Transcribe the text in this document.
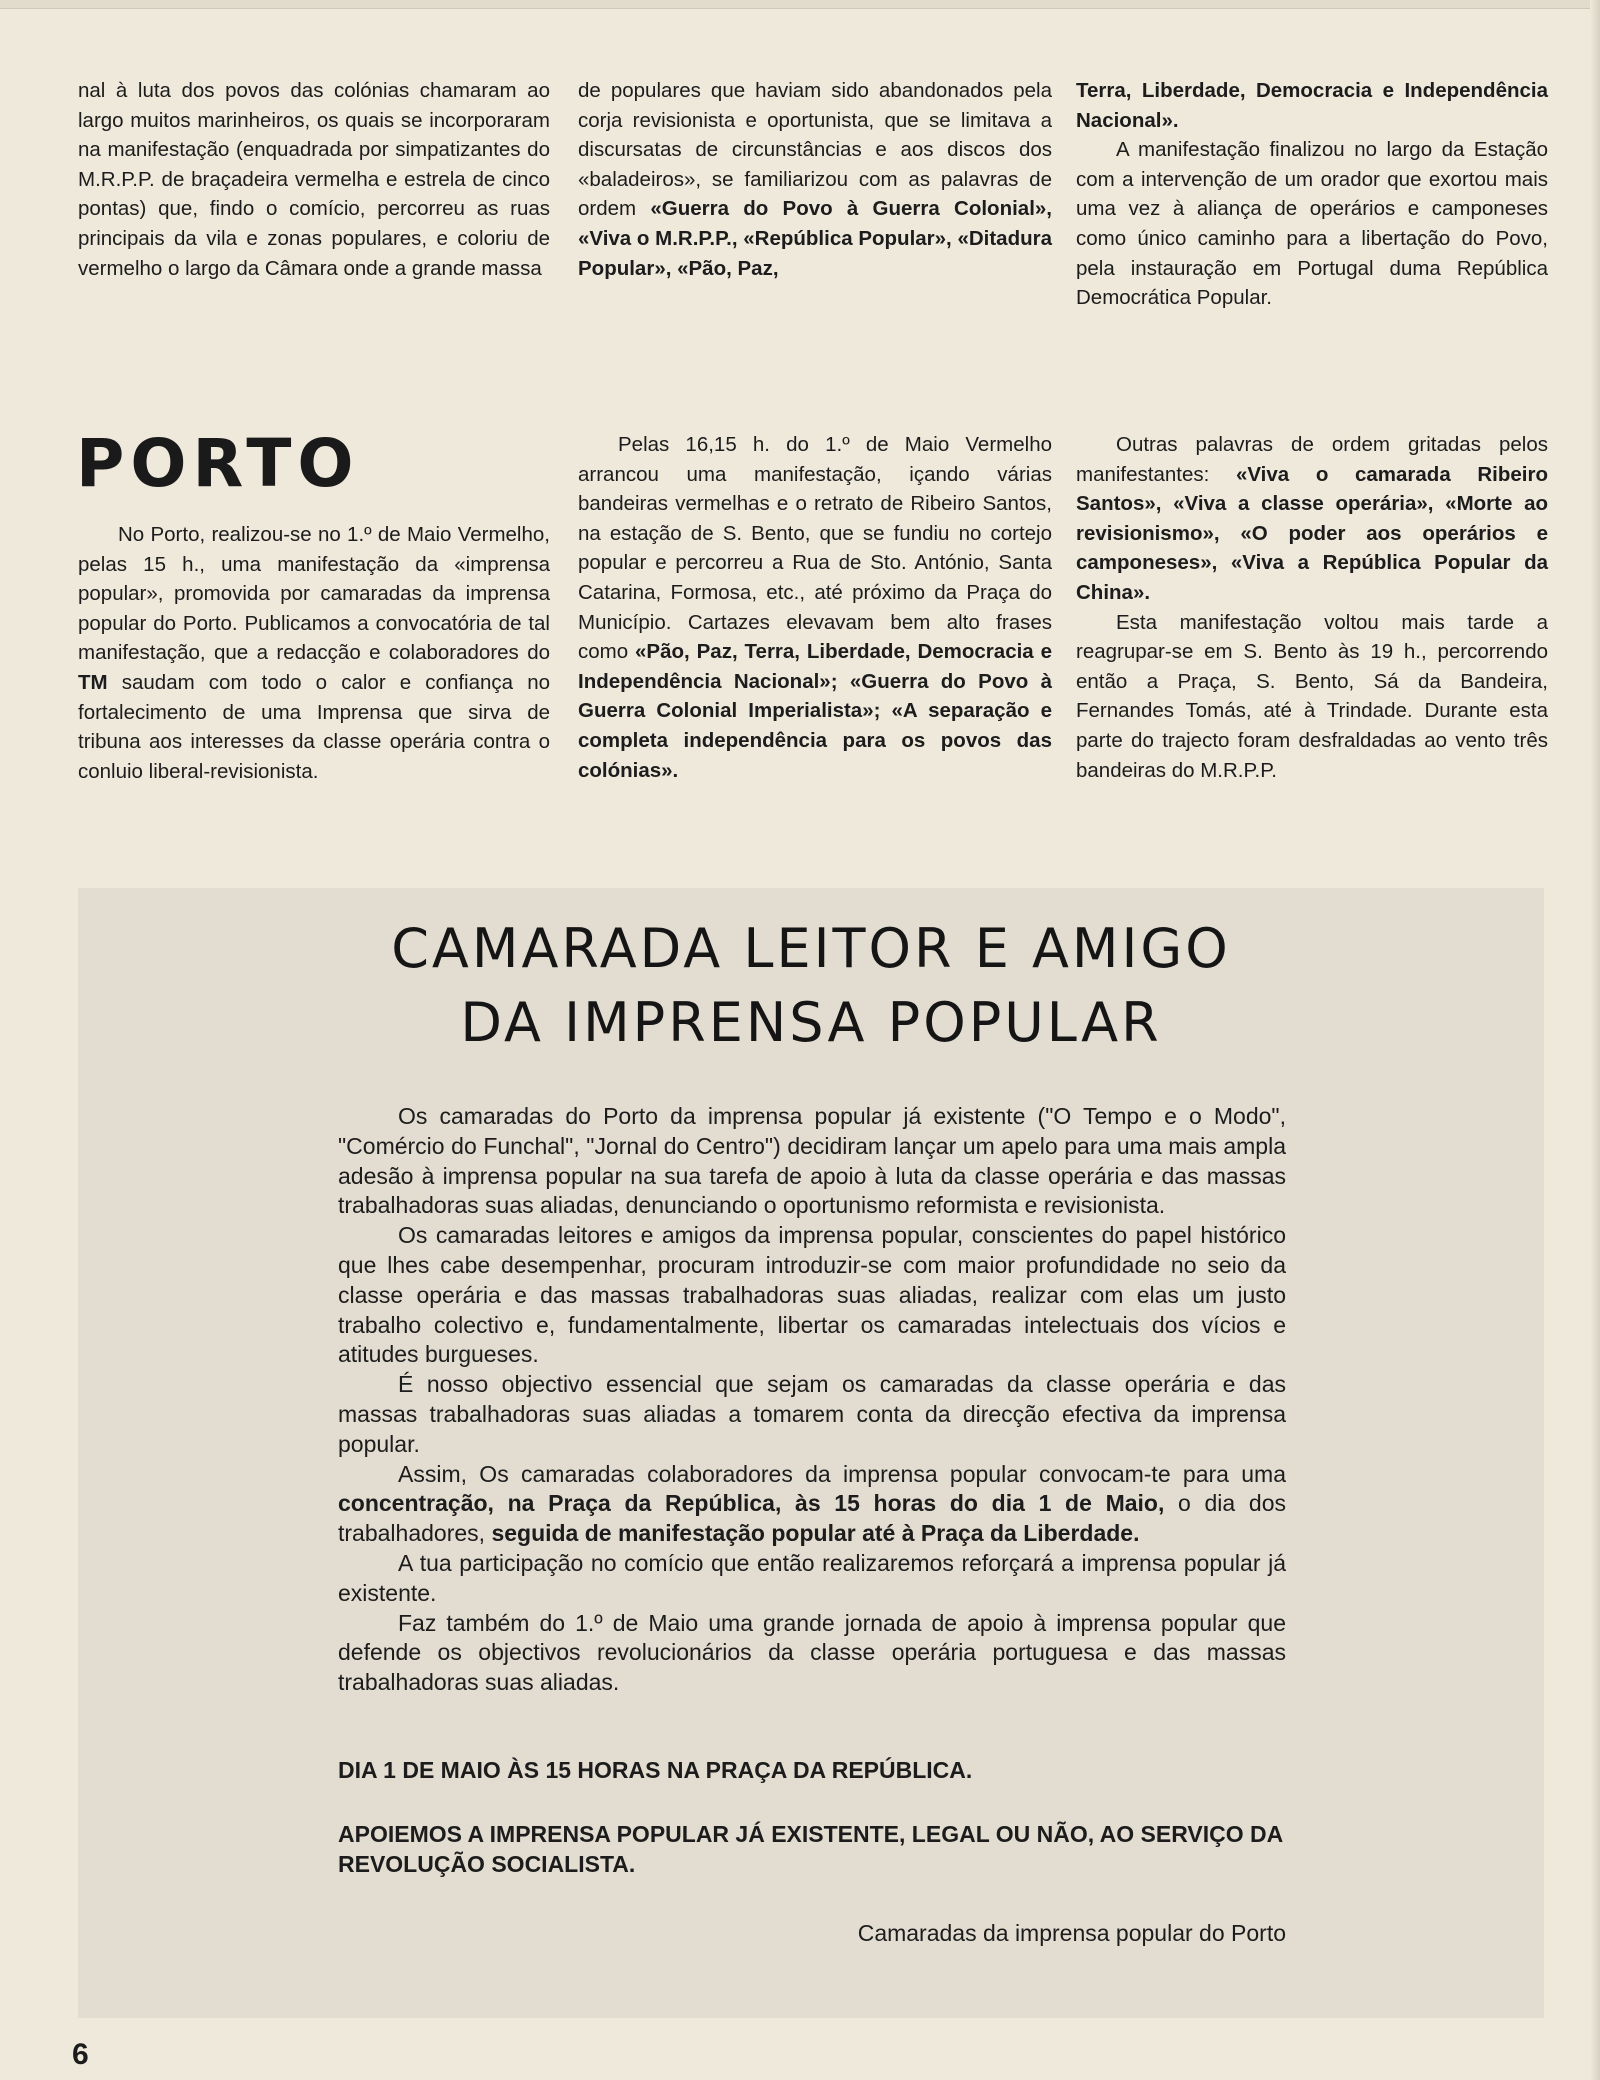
nal à luta dos povos das colónias chamaram ao largo muitos marinheiros, os quais se incorporaram na manifestação (enquadrada por simpatizantes do M.R.P.P. de braçadeira vermelha e estrela de cinco pontas) que, findo o comício, percorreu as ruas principais da vila e zonas populares, e coloriu de vermelho o largo da Câmara onde a grande massa

de populares que haviam sido abandonados pela corja revisionista e oportunista, que se limitava a discursatas de circunstâncias e aos discos dos «baladeiros», se familiarizou com as palavras de ordem «Guerra do Povo à Guerra Colonial», «Viva o M.R.P.P., «República Popular», «Ditadura Popular», «Pão, Paz,

Terra, Liberdade, Democracia e Independência Nacional».

A manifestação finalizou no largo da Estação com a intervenção de um orador que exortou mais uma vez à aliança de operários e camponeses como único caminho para a libertação do Povo, pela instauração em Portugal duma República Democrática Popular.

PORTO

No Porto, realizou-se no 1.º de Maio Vermelho, pelas 15 h., uma manifestação da «imprensa popular», promovida por camaradas da imprensa popular do Porto. Publicamos a convocatória de tal manifestação, que a redacção e colaboradores do TM saudam com todo o calor e confiança no fortalecimento de uma Imprensa que sirva de tribuna aos interesses da classe operária contra o conluio liberal-revisionista.

Pelas 16,15 h. do 1.º de Maio Vermelho arrancou uma manifestação, içando várias bandeiras vermelhas e o retrato de Ribeiro Santos, na estação de S. Bento, que se fundiu no cortejo popular e percorreu a Rua de Sto. António, Santa Catarina, Formosa, etc., até próximo da Praça do Município. Cartazes elevavam bem alto frases como «Pão, Paz, Terra, Liberdade, Democracia e Independência Nacional»; «Guerra do Povo à Guerra Colonial Imperialista»; «A separação e completa independência para os povos das colónias».

Outras palavras de ordem gritadas pelos manifestantes: «Viva o camarada Ribeiro Santos», «Viva a classe operária», «Morte ao revisionismo», «O poder aos operários e camponeses», «Viva a República Popular da China».

Esta manifestação voltou mais tarde a reagrupar-se em S. Bento às 19 h., percorrendo então a Praça, S. Bento, Sá da Bandeira, Fernandes Tomás, até à Trindade. Durante esta parte do trajecto foram desfraldadas ao vento três bandeiras do M.R.P.P.

CAMARADA LEITOR E AMIGO
DA IMPRENSA POPULAR

Os camaradas do Porto da imprensa popular já existente ("O Tempo e o Modo", "Comércio do Funchal", "Jornal do Centro") decidiram lançar um apelo para uma mais ampla adesão à imprensa popular na sua tarefa de apoio à luta da classe operária e das massas trabalhadoras suas aliadas, denunciando o oportunismo reformista e revisionista.

Os camaradas leitores e amigos da imprensa popular, conscientes do papel histórico que lhes cabe desempenhar, procuram introduzir-se com maior profundidade no seio da classe operária e das massas trabalhadoras suas aliadas, realizar com elas um justo trabalho colectivo e, fundamentalmente, libertar os camaradas intelectuais dos vícios e atitudes burgueses.

É nosso objectivo essencial que sejam os camaradas da classe operária e das massas trabalhadoras suas aliadas a tomarem conta da direcção efectiva da imprensa popular.

Assim, Os camaradas colaboradores da imprensa popular convocam-te para uma concentração, na Praça da República, às 15 horas do dia 1 de Maio, o dia dos trabalhadores, seguida de manifestação popular até à Praça da Liberdade.

A tua participação no comício que então realizaremos reforçará a imprensa popular já existente.

Faz também do 1.º de Maio uma grande jornada de apoio à imprensa popular que defende os objectivos revolucionários da classe operária portuguesa e das massas trabalhadoras suas aliadas.

DIA 1 DE MAIO ÀS 15 HORAS NA PRAÇA DA REPÚBLICA.

APOIEMOS A IMPRENSA POPULAR JÁ EXISTENTE, LEGAL OU NÃO, AO SERVIÇO DA REVOLUÇÃO SOCIALISTA.

Camaradas da imprensa popular do Porto

6
